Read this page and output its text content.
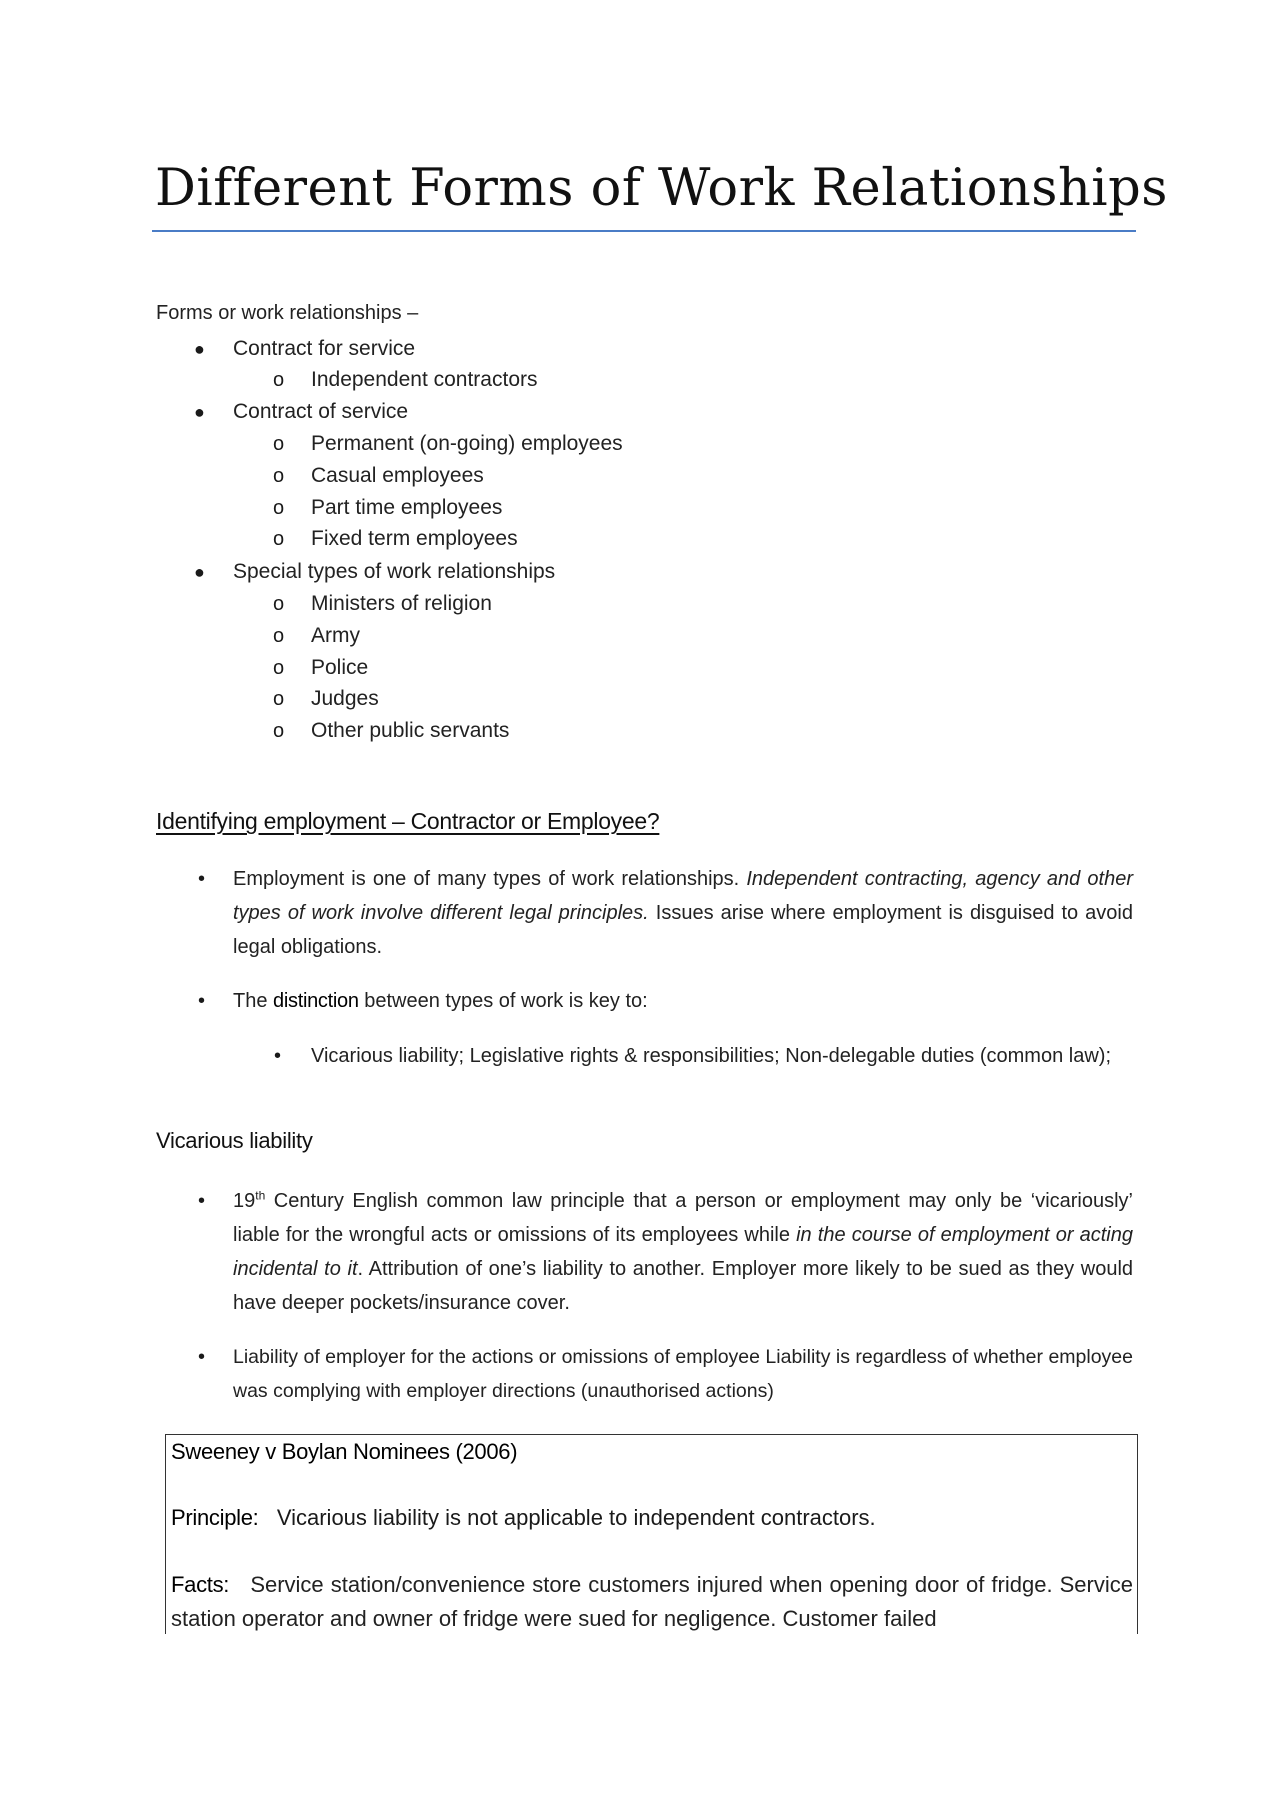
Different Forms of Work Relationships
Forms or work relationships –
● Contract for service
o Independent contractors
● Contract of service
o Permanent (on-going) employees
o Casual employees
o Part time employees
o Fixed term employees
● Special types of work relationships
o Ministers of religion
o Army
o Police
o Judges
o Other public servants
Identifying employment – Contractor or Employee?
• Employment is one of many types of work relationships. Independent contracting, agency and other types of work involve different legal principles. Issues arise where employment is disguised to avoid legal obligations.

• The distinction between types of work is key to:

• Vicarious liability; Legislative rights & responsibilities; Non-delegable duties (common law);

Vicarious liability
• 19th Century English common law principle that a person or employment may only be ‘vicariously’ liable for the wrongful acts or omissions of its employees while in the course of employment or acting incidental to it. Attribution of one’s liability to another. Employer more likely to be sued as they would have deeper pockets/insurance cover.

• Liability of employer for the actions or omissions of employee Liability is regardless of whether employee was complying with employer directions (unauthorised actions)

Sweeney v Boylan Nominees (2006)
Principle: Vicarious liability is not applicable to independent contractors.

Facts: Service station/convenience store customers injured when opening door of fridge. Service station operator and owner of fridge were sued for negligence. Customer failed
